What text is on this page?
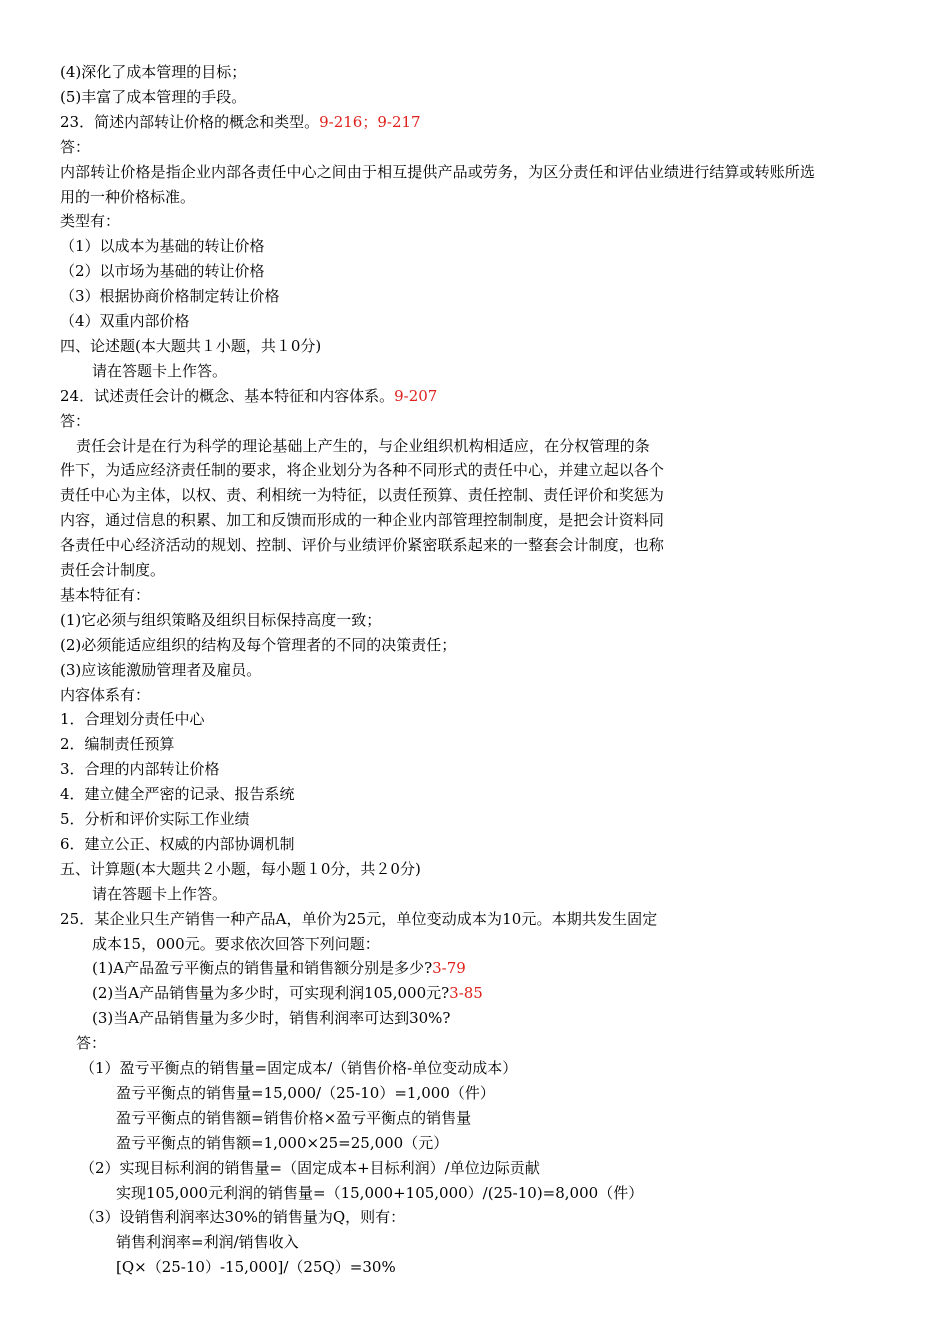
(4)深化了成本管理的目标；
(5)丰富了成本管理的手段。
23．简述内部转让价格的概念和类型。9-216；9-217
答：
内部转让价格是指企业内部各责任中心之间由于相互提供产品或劳务，为区分责任和评估业绩进行结算或转账所选
用的一种价格标准。
类型有：
（1）以成本为基础的转让价格
（2）以市场为基础的转让价格
（3）根据协商价格制定转让价格
（4）双重内部价格
四、论述题(本大题共１小题，共１0分)
请在答题卡上作答。
24．试述责任会计的概念、基本特征和内容体系。9-207
答：
责任会计是在行为科学的理论基础上产生的，与企业组织机构相适应，在分权管理的条
件下，为适应经济责任制的要求，将企业划分为各种不同形式的责任中心，并建立起以各个
责任中心为主体，以权、责、利相统一为特征，以责任预算、责任控制、责任评价和奖惩为
内容，通过信息的积累、加工和反馈而形成的一种企业内部管理控制制度，是把会计资料同
各责任中心经济活动的规划、控制、评价与业绩评价紧密联系起来的一整套会计制度，也称
责任会计制度。
基本特征有：
(1)它必须与组织策略及组织目标保持高度一致；
(2)必须能适应组织的结构及每个管理者的不同的决策责任；
(3)应该能激励管理者及雇员。
内容体系有：
1．合理划分责任中心
2．编制责任预算
3．合理的内部转让价格
4．建立健全严密的记录、报告系统
5．分析和评价实际工作业绩
6．建立公正、权威的内部协调机制
五、计算题(本大题共２小题，每小题１0分，共２0分)
请在答题卡上作答。
25．某企业只生产销售一种产品A，单价为25元，单位变动成本为10元。本期共发生固定
成本15，000元。要求依次回答下列问题：
(1)A产品盈亏平衡点的销售量和销售额分别是多少?3-79
(2)当A产品销售量为多少时，可实现利润105,000元?3-85
(3)当A产品销售量为多少时，销售利润率可达到30%?
答：
（1）盈亏平衡点的销售量=固定成本/（销售价格-单位变动成本）
盈亏平衡点的销售量=15,000/（25-10）=1,000（件）
盈亏平衡点的销售额=销售价格×盈亏平衡点的销售量
盈亏平衡点的销售额=1,000×25=25,000（元）
（2）实现目标利润的销售量=（固定成本+目标利润）/单位边际贡献
实现105,000元利润的销售量=（15,000+105,000）/(25-10)=8,000（件）
（3）设销售利润率达30%的销售量为Q，则有：
销售利润率=利润/销售收入
[Q×（25-10）-15,000]/（25Q）=30%
